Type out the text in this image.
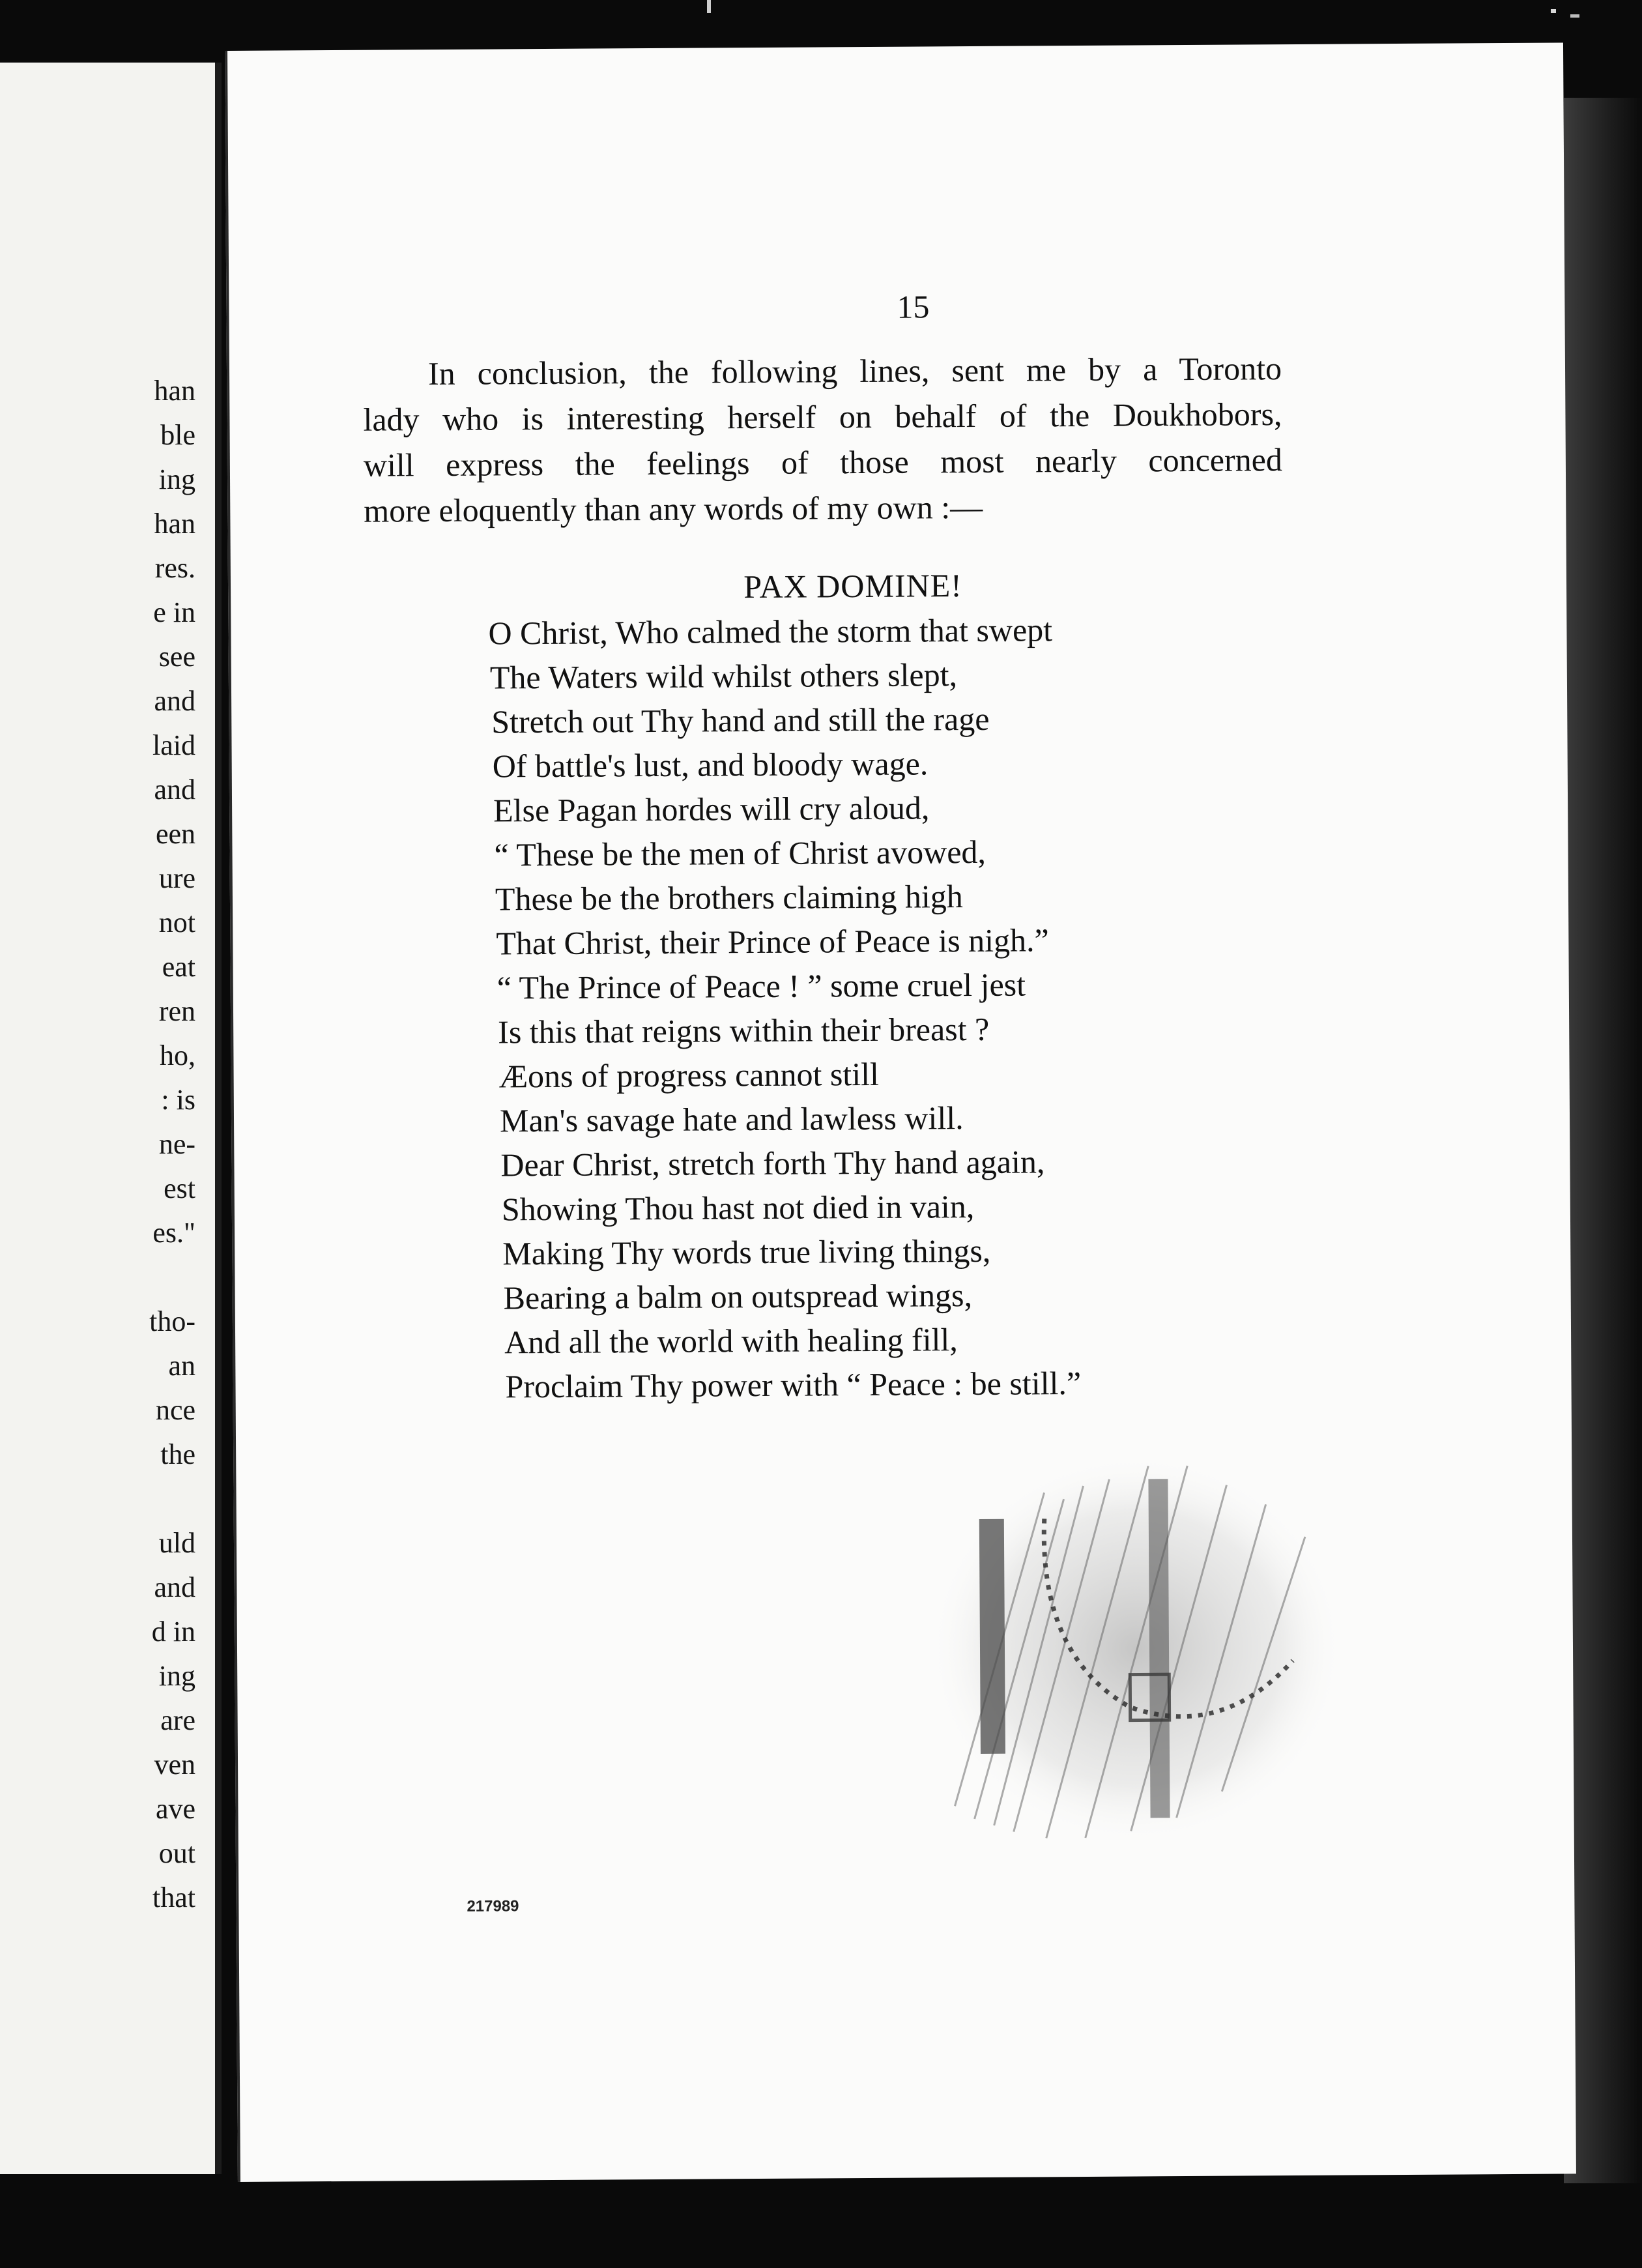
han
ble
ing
han
res.
e in
see
and
laid
and
een
ure
not
eat
ren
ho,
: is
ne-
est
es."
tho-
an
nce
the
uld
and
d in
ing
are
ven
ave
out
that
15
In conclusion, the following lines, sent me by a Toronto
lady who is interesting herself on behalf of the Doukhobors,
will express the feelings of those most nearly concerned
more eloquently than any words of my own :—
PAX DOMINE!
O Christ, Who calmed the storm that swept
The Waters wild whilst others slept,
Stretch out Thy hand and still the rage
Of battle's lust, and bloody wage.
Else Pagan hordes will cry aloud,
“ These be the men of Christ avowed,
These be the brothers claiming high
That Christ, their Prince of Peace is nigh.”
“ The Prince of Peace ! ” some cruel jest
Is this that reigns within their breast ?
Æons of progress cannot still
Man's savage hate and lawless will.
Dear Christ, stretch forth Thy hand again,
Showing Thou hast not died in vain,
Making Thy words true living things,
Bearing a balm on outspread wings,
And all the world with healing fill,
Proclaim Thy power with “ Peace : be still.”
217989
